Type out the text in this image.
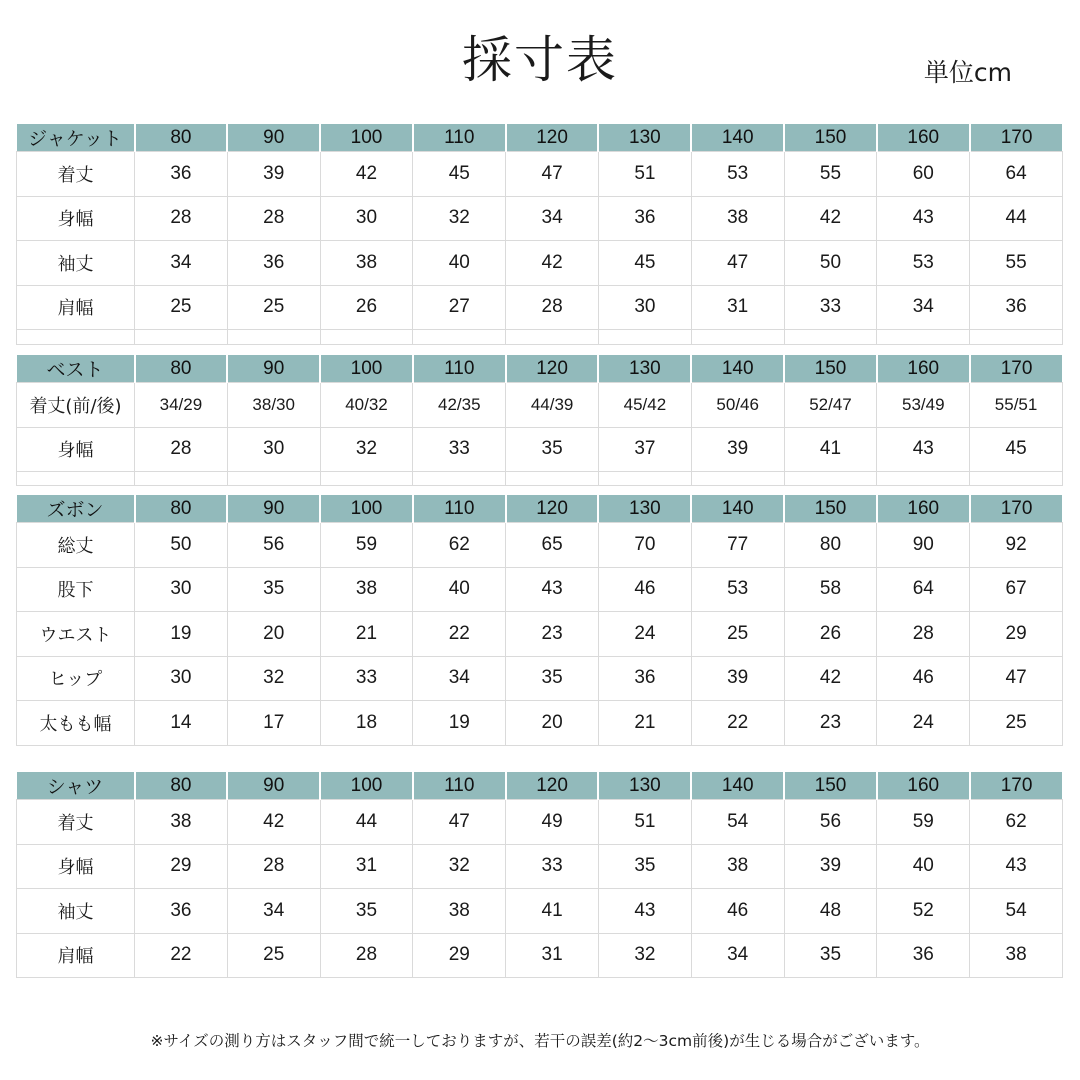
採寸表	単位cm
ジャケット	80	90	100	110	120	130	140	150	160	170
着丈	36	39	42	45	47	51	53	55	60	64
身幅	28	28	30	32	34	36	38	42	43	44
袖丈	34	36	38	40	42	45	47	50	53	55
肩幅	25	25	26	27	28	30	31	33	34	36

ベスト	80	90	100	110	120	130	140	150	160	170
着丈(前/後)	34/29	38/30	40/32	42/35	44/39	45/42	50/46	52/47	53/49	55/51
身幅	28	30	32	33	35	37	39	41	43	45

ズボン	80	90	100	110	120	130	140	150	160	170
総丈	50	56	59	62	65	70	77	80	90	92
股下	30	35	38	40	43	46	53	58	64	67
ウエスト	19	20	21	22	23	24	25	26	28	29
ヒップ	30	32	33	34	35	36	39	42	46	47
太もも幅	14	17	18	19	20	21	22	23	24	25
シャツ	80	90	100	110	120	130	140	150	160	170
着丈	38	42	44	47	49	51	54	56	59	62
身幅	29	28	31	32	33	35	38	39	40	43
袖丈	36	34	35	38	41	43	46	48	52	54
肩幅	22	25	28	29	31	32	34	35	36	38
※サイズの測り方はスタッフ間で統一しておりますが、若干の誤差(約2〜3cm前後)が生じる場合がございます。
